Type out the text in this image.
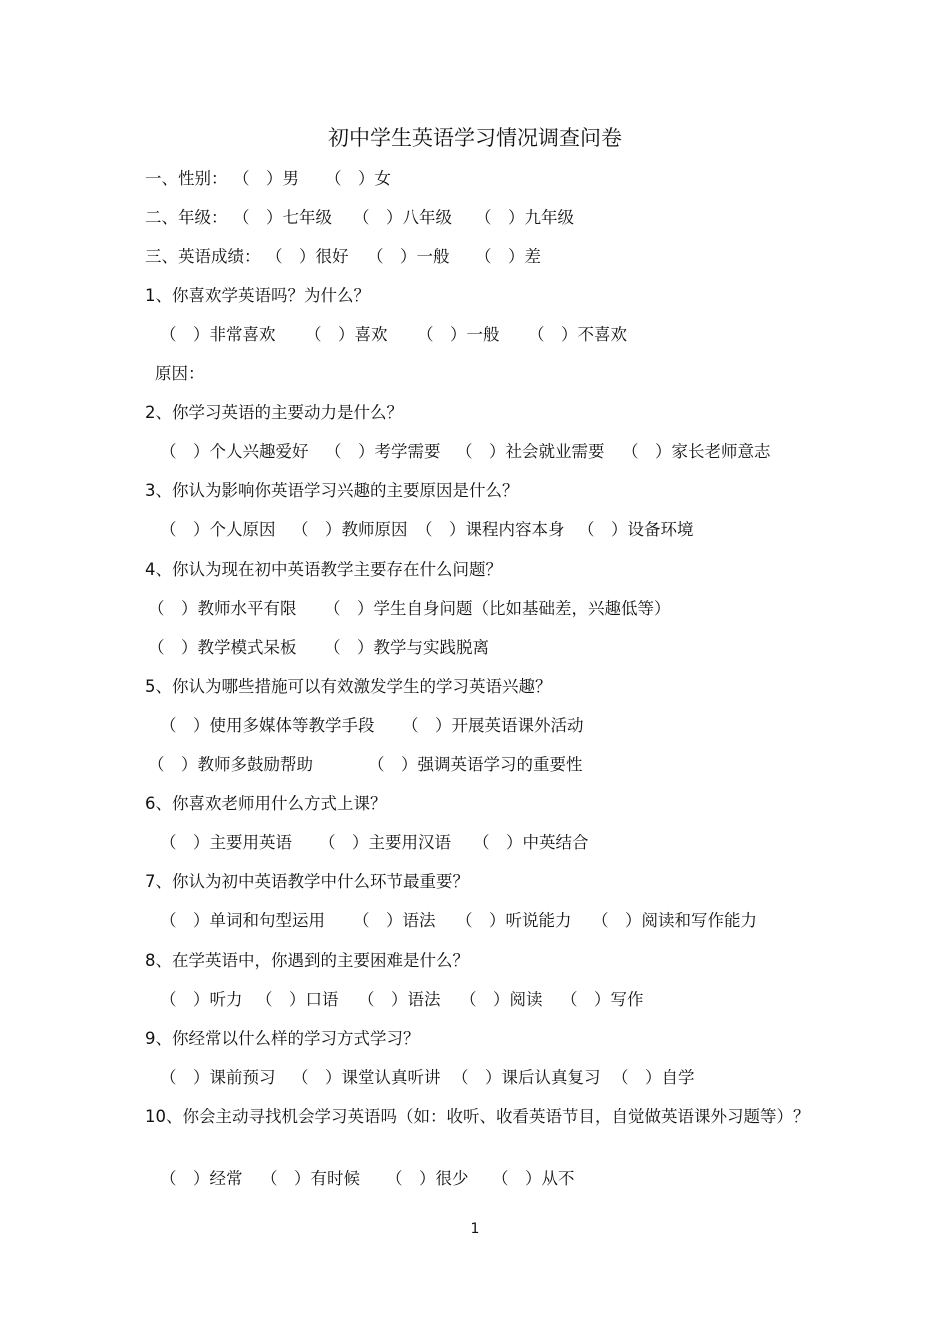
初中学生英语学习情况调查问卷
一、性别： （　）男 （　）女
二、年级： （　）七年级 （　）八年级 （　）九年级
三、英语成绩： （　）很好 （　）一般 （　）差
1、你喜欢学英语吗？为什么？
（　）非常喜欢 （　）喜欢 （　）一般 （　）不喜欢
原因：
2、你学习英语的主要动力是什么？
（　）个人兴趣爱好 （　）考学需要 （　）社会就业需要 （　）家长老师意志
3、你认为影响你英语学习兴趣的主要原因是什么？
（　）个人原因 （　）教师原因 （　）课程内容本身 （　）设备环境
4、你认为现在初中英语教学主要存在什么问题？
（　）教师水平有限 （　）学生自身问题（比如基础差，兴趣低等）
（　）教学模式呆板 （　）教学与实践脱离
5、你认为哪些措施可以有效激发学生的学习英语兴趣？
（　）使用多媒体等教学手段 （　）开展英语课外活动
（　）教师多鼓励帮助	（　）强调英语学习的重要性
6、你喜欢老师用什么方式上课？
（　）主要用英语 （　）主要用汉语 （　）中英结合
7、你认为初中英语教学中什么环节最重要？
（　）单词和句型运用 （　）语法 （　）听说能力 （　）阅读和写作能力
8、在学英语中，你遇到的主要困难是什么？
（　）听力 （　）口语 （　）语法 （　）阅读 （　）写作
9、你经常以什么样的学习方式学习？
（　）课前预习 （　）课堂认真听讲 （　）课后认真复习 （　）自学
10、你会主动寻找机会学习英语吗（如：收听、收看英语节目，自觉做英语课外习题等）？
（　）经常 （　）有时候 （　）很少 （　）从不
1
